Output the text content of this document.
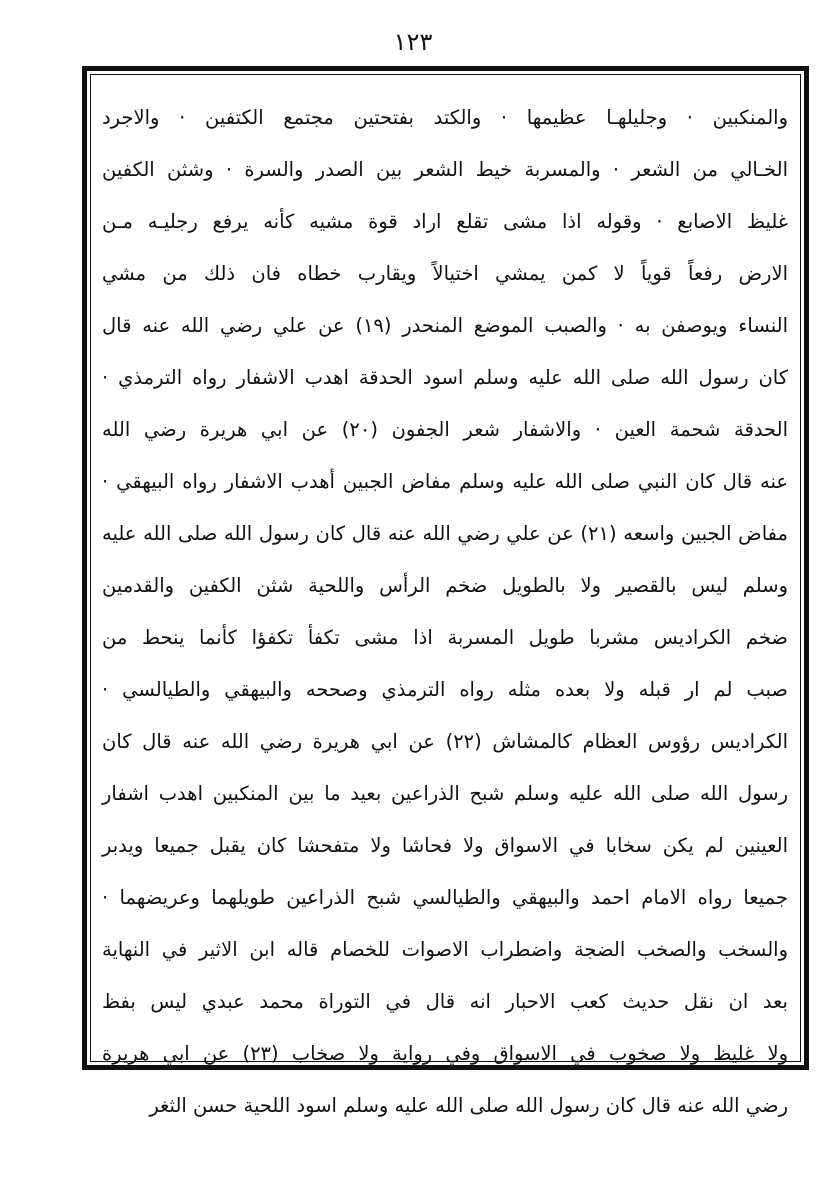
١٢٣
والمنكبين · وجليلهـا عظيمها · والكتد بفتحتين مجتمع الكتفين · والاجرد
الخـالي من الشعر · والمسربة خيط الشعر بين الصدر والسرة · وشثن الكفين
غليظ الاصابع · وقوله اذا مشى تقلع اراد قوة مشيه كأنه يرفع رجليـه مـن
الارض رفعاً قوياً لا كمن يمشي اختيالاً ويقارب خطاه فان ذلك من مشي
النساء ويوصفن به · والصبب الموضع المنحدر (١٩) عن علي رضي الله عنه قال
كان رسول الله صلى الله عليه وسلم اسود الحدقة اهدب الاشفار رواه الترمذي ·
الحدقة شحمة العين · والاشفار شعر الجفون (٢٠) عن ابي هريرة رضي الله
عنه قال كان النبي صلى الله عليه وسلم مفاض الجبين أهدب الاشفار رواه البيهقي ·
مفاض الجبين واسعه (٢١) عن علي رضي الله عنه قال كان رسول الله صلى الله عليه
وسلم ليس بالقصير ولا بالطويل ضخم الرأس واللحية شثن الكفين والقدمين
ضخم الكراديس مشربا طويل المسربة اذا مشى تكفأ تكفؤا كأنما ينحط من
صبب لم ار قبله ولا بعده مثله رواه الترمذي وصححه والبيهقي والطيالسي ·
الكراديس رؤوس العظام كالمشاش (٢٢) عن ابي هريرة رضي الله عنه قال كان
رسول الله صلى الله عليه وسلم شبح الذراعين بعيد ما بين المنكبين اهدب اشفار
العينين لم يكن سخابا في الاسواق ولا فحاشا ولا متفحشا كان يقبل جميعا ويدبر
جميعا رواه الامام احمد والبيهقي والطيالسي شبح الذراعين طويلهما وعريضهما ·
والسخب والصخب الضجة واضطراب الاصوات للخصام قاله ابن الاثير في النهاية
بعد ان نقل حديث كعب الاحبار انه قال في التوراة محمد عبدي ليس بفظ
ولا غليظ ولا صخوب في الاسواق وفي رواية ولا صخاب (٢٣) عن ابي هريرة
رضي الله عنه قال كان رسول الله صلى الله عليه وسلم اسود اللحية حسن الثغر
